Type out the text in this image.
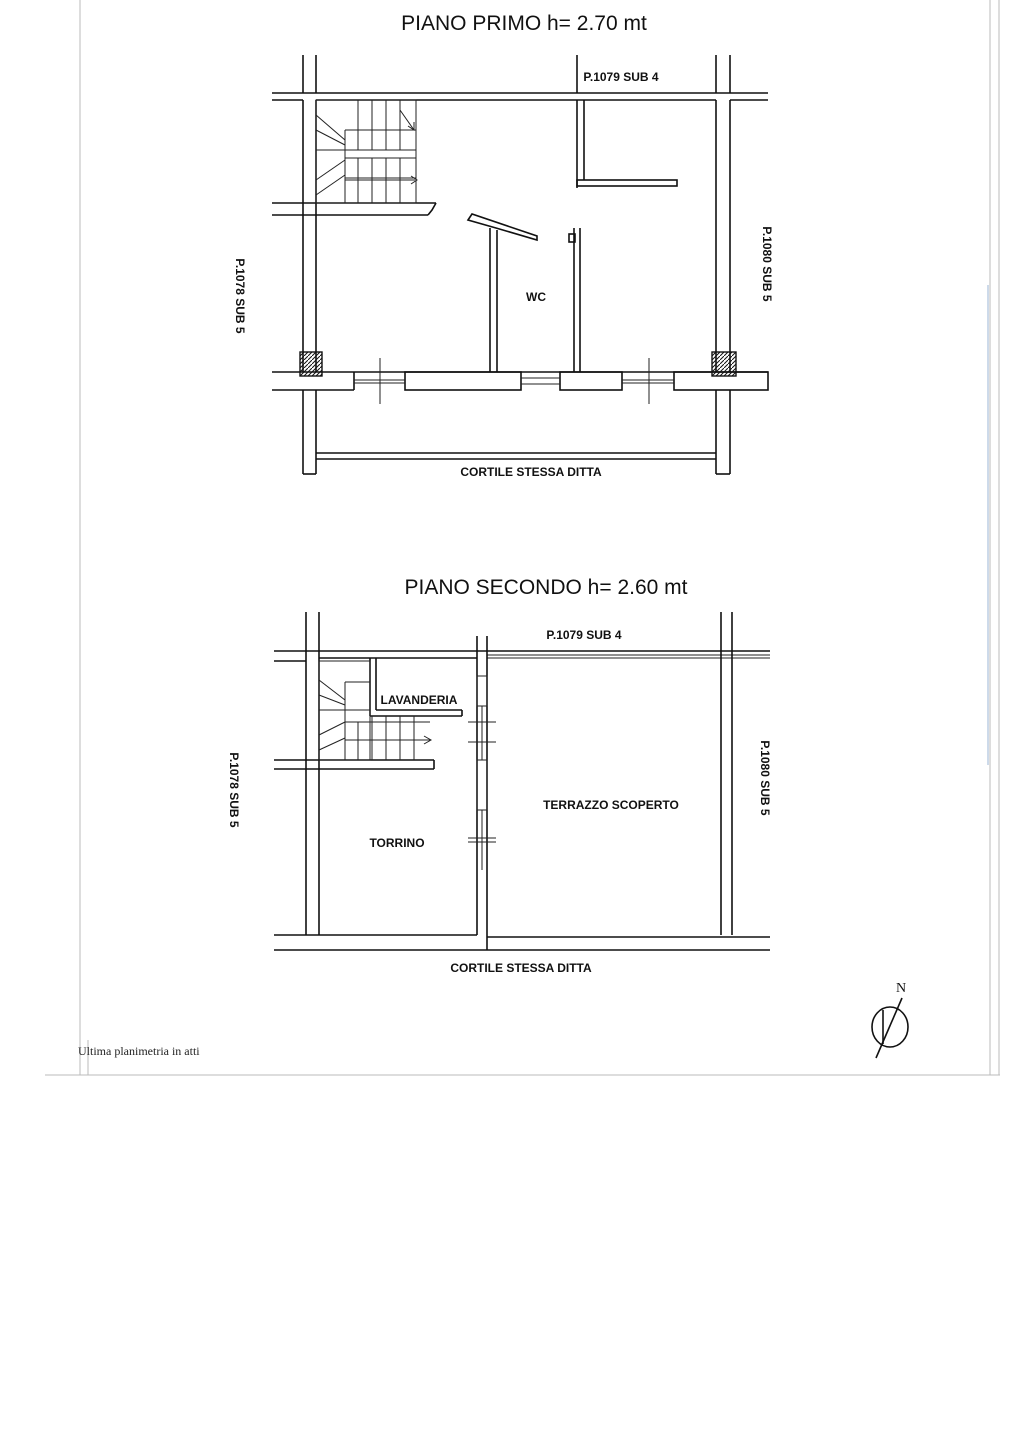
PIANO PRIMO h= 2.70 mt
P.1079 SUB 4
P.1078 SUB 5	P.1080 SUB 5
WC
CORTILE STESSA DITTA
PIANO SECONDO h= 2.60 mt
P.1079 SUB 4
P.1078 SUB 5	P.1080 SUB 5
LAVANDERIA
TORRINO
TERRAZZO SCOPERTO
CORTILE STESSA DITTA
N
Ultima planimetria in atti
